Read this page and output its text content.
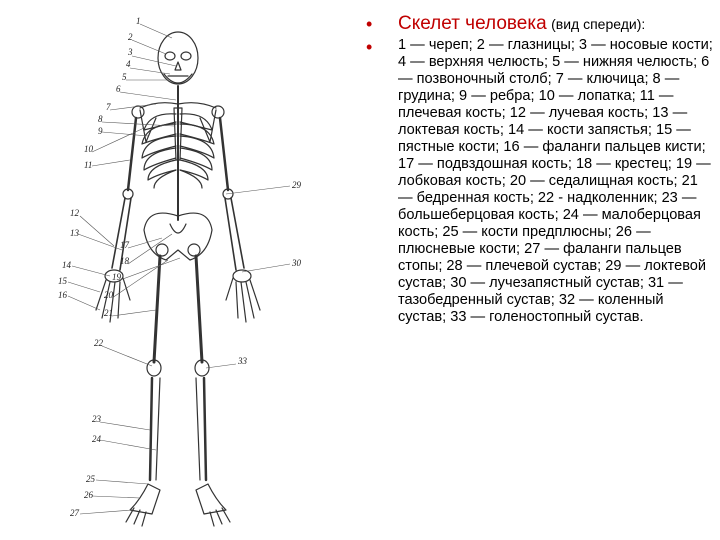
1
2
3
4
5
6
7
8
9
10
11
12
13
14
15
16
17
18
19
20
21
22
23
24
25
26
27
29
30
33
•	Скелет человека (вид спереди):
•	1 — череп; 2 — глазницы; 3 — носовые кости; 4 — верхняя челюсть; 5 — нижняя челюсть; 6 — позвоночный столб; 7 — ключица; 8 — грудина; 9 — ребра; 10 — лопатка; 11 — плечевая кость; 12 — лучевая кость; 13 — локтевая кость; 14 — кости запястья; 15 — пястные кости; 16 — фаланги пальцев кисти; 17 — подвздошная кость; 18 — крестец; 19 — лобковая кость; 20 — седалищная кость; 21 — бедренная кость; 22 - надколенник; 23 — большеберцовая кость; 24 — малоберцовая кость; 25 — кости предплюсны; 26 — плюсневые кости; 27 — фаланги пальцев стопы; 28 — плечевой сустав; 29 — локтевой сустав; 30 — лучезапястный сустав; 31 — тазобедренный сустав; 32 — коленный сустав; 33 — голеностопный сустав.
